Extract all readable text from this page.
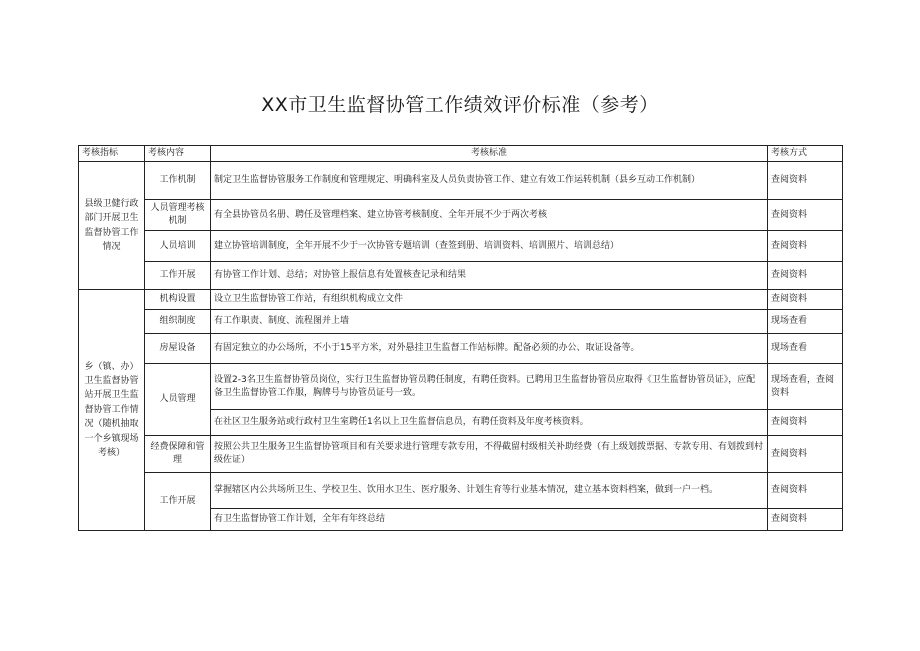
XX市卫生监督协管工作绩效评价标准（参考）
考核指标	考核内容	考核标准	考核方式
县级卫健行政部门开展卫生监督协管工作情况	工作机制	制定卫生监督协管服务工作制度和管理规定、明确科室及人员负责协管工作、建立有效工作运转机制（县乡互动工作机制）	查阅资料
	人员管理考核机制	有全县协管员名册、聘任及管理档案、建立协管考核制度、全年开展不少于两次考核	查阅资料
	人员培训	建立协管培训制度，全年开展不少于一次协管专题培训（查签到册、培训资料、培训照片、培训总结）	查阅资料
	工作开展	有协管工作计划、总结；对协管上报信息有处置核查记录和结果	查阅资料
乡（镇、办）卫生监督协管站开展卫生监督协管工作情况（随机抽取一个乡镇现场考核）	机构设置	设立卫生监督协管工作站，有组织机构成立文件	查阅资料
	组织制度	有工作职责、制度、流程图并上墙	现场查看
	房屋设备	有固定独立的办公场所，不小于15平方米，对外悬挂卫生监督工作站标牌。配备必须的办公、取证设备等。	现场查看
	人员管理	设置2-3名卫生监督协管员岗位，实行卫生监督协管员聘任制度，有聘任资料。已聘用卫生监督协管员应取得《卫生监督协管员证》，应配备卫生监督协管工作服，胸牌号与协管员证号一致。	现场查看，查阅资料
		在社区卫生服务站或行政村卫生室聘任1名以上卫生监督信息员，有聘任资料及年度考核资料。	查阅资料
	经费保障和管理	按照公共卫生服务卫生监督协管项目和有关要求进行管理专款专用，不得截留村级相关补助经费（有上级划拨票据、专款专用、有划拨到村级佐证）	查阅资料
	工作开展	掌握辖区内公共场所卫生、学校卫生、饮用水卫生、医疗服务、计划生育等行业基本情况，建立基本资料档案，做到一户一档。	查阅资料
		有卫生监督协管工作计划，全年有年终总结	查阅资料
